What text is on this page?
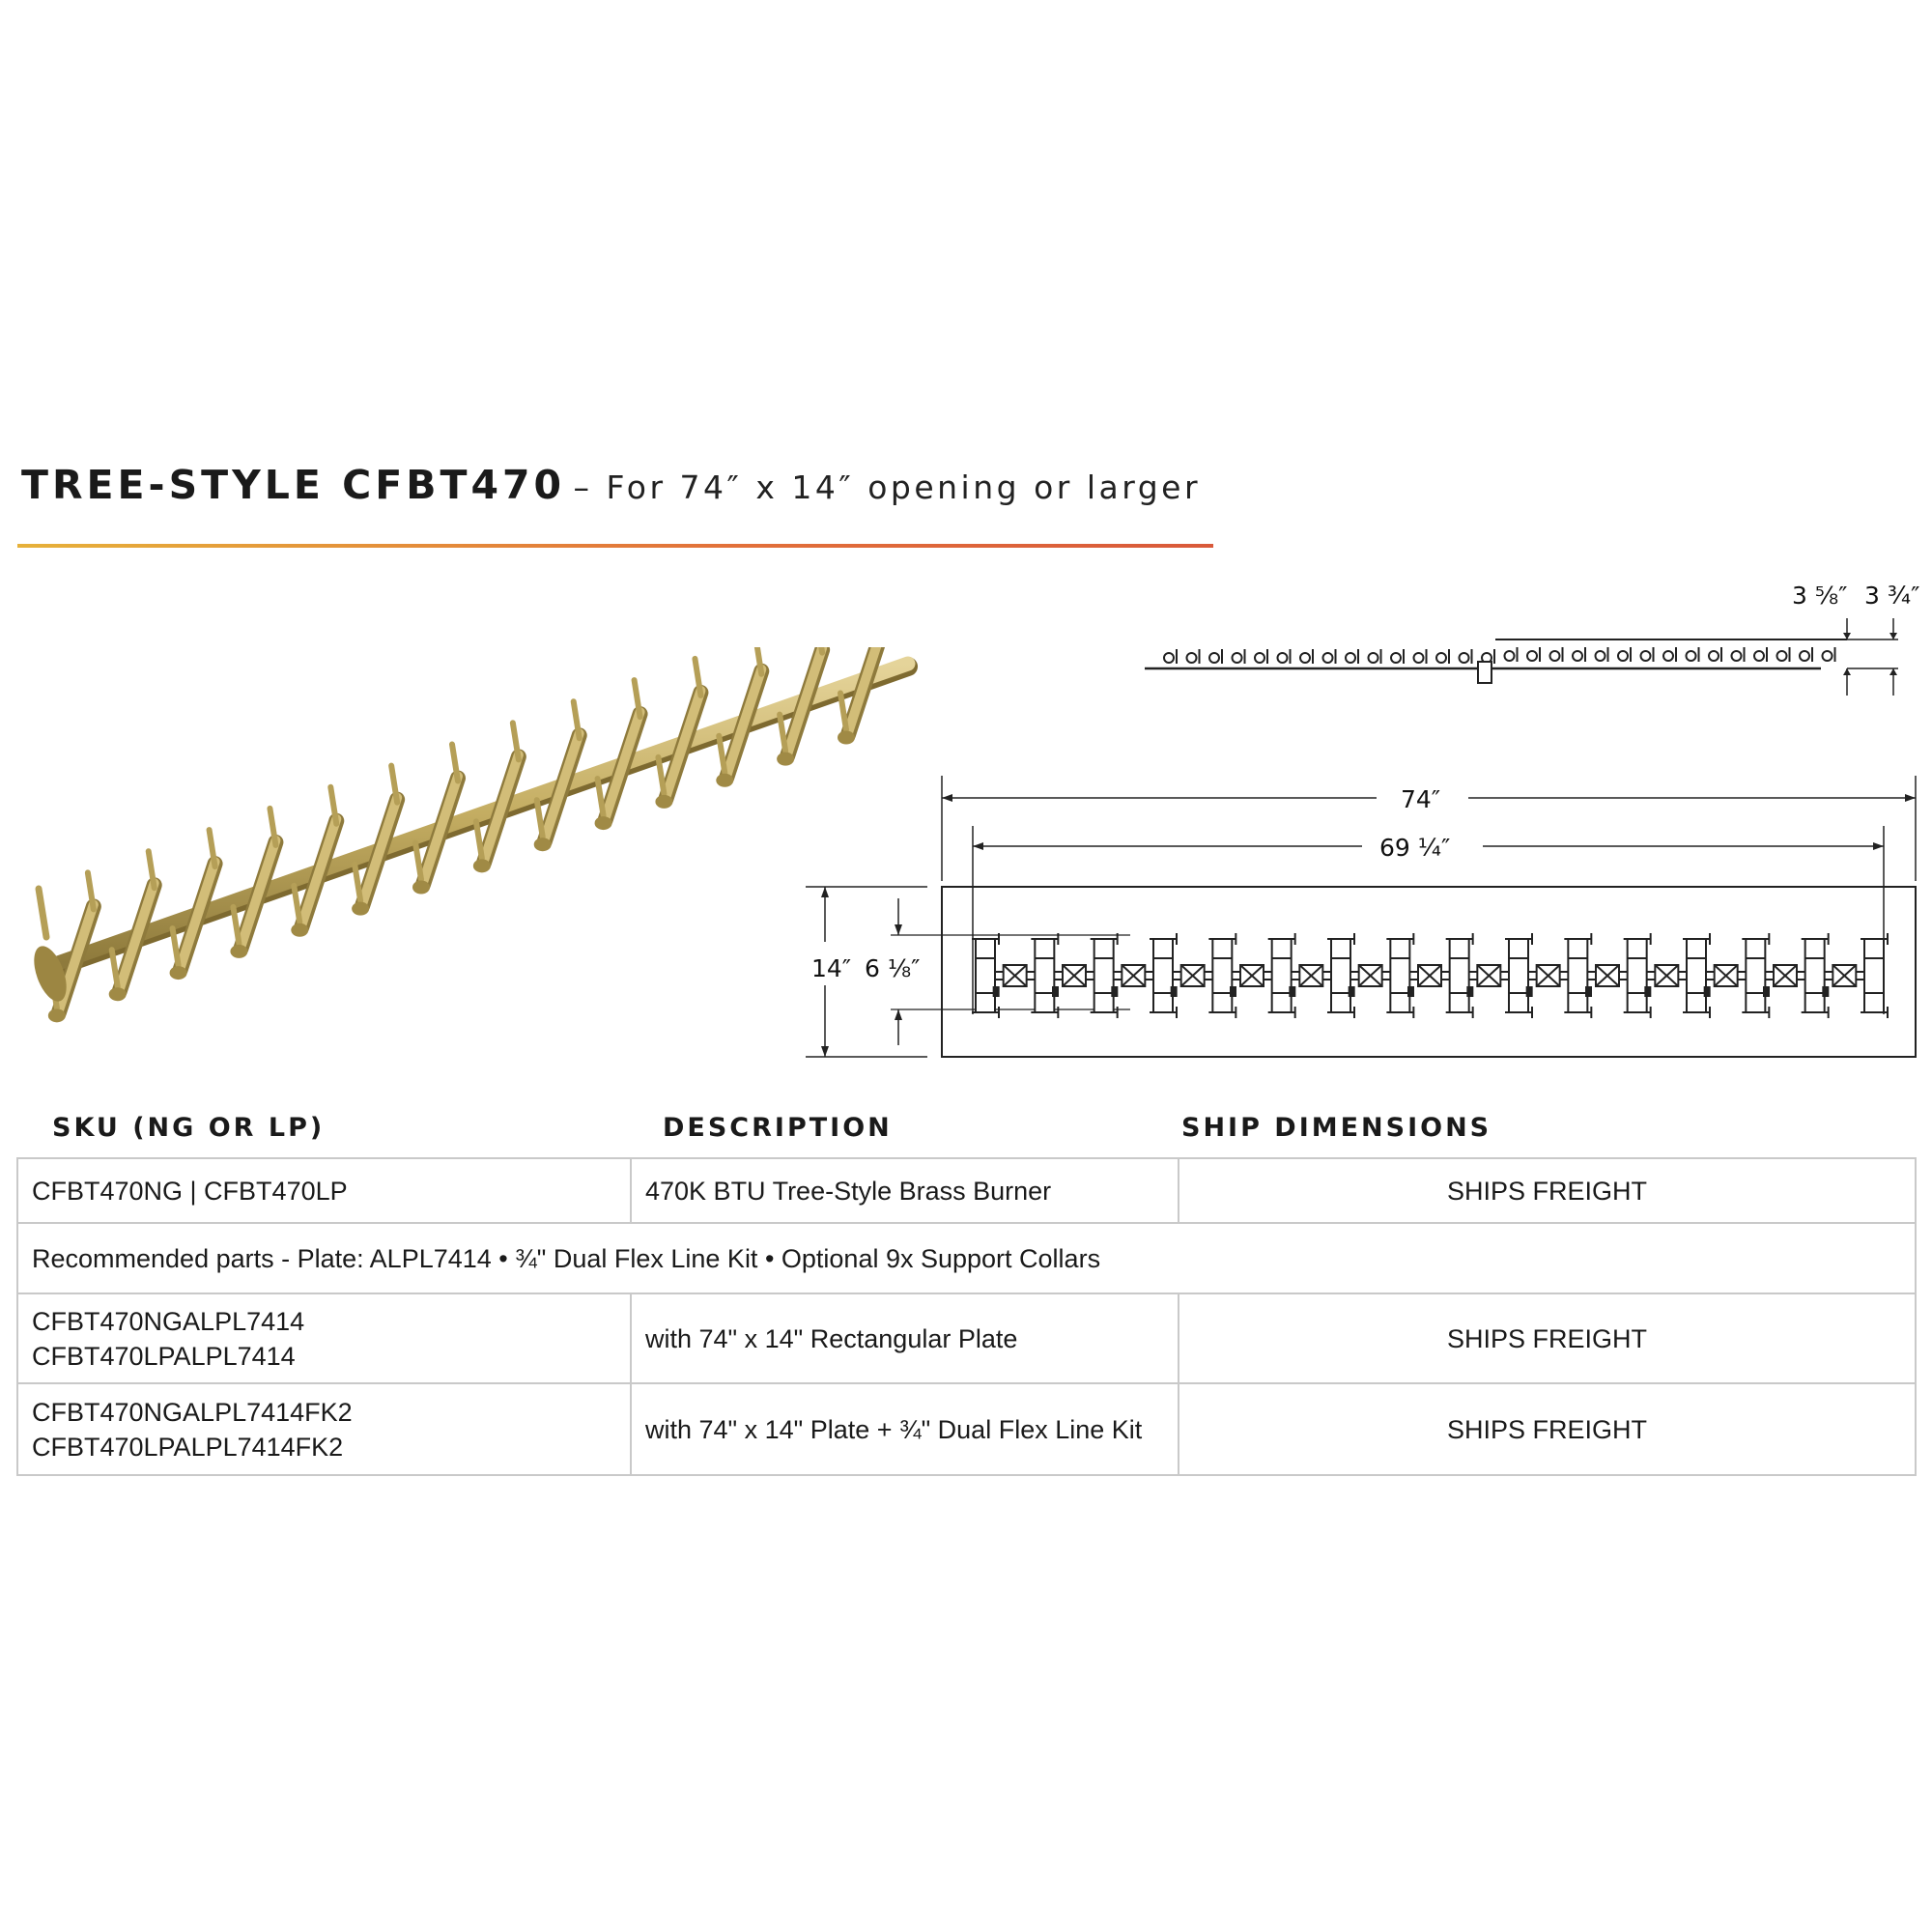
TREE-STYLE CFBT470 – For 74″ x 14″ opening or larger
3 ⅝″ 3 ¾″
74″
69 ¼″
14″ 6 ⅛″
SKU (NG OR LP)	DESCRIPTION	SHIP DIMENSIONS
CFBT470NG | CFBT470LP	470K BTU Tree-Style Brass Burner	SHIPS FREIGHT
Recommended parts - Plate: ALPL7414 • ¾" Dual Flex Line Kit • Optional 9x Support Collars		

CFBT470NGALPL7414
CFBT470LPALPL7414	with 74" x 14" Rectangular Plate	SHIPS FREIGHT

CFBT470NGALPL7414FK2
CFBT470LPALPL7414FK2	with 74" x 14" Plate + ¾" Dual Flex Line Kit	SHIPS FREIGHT
